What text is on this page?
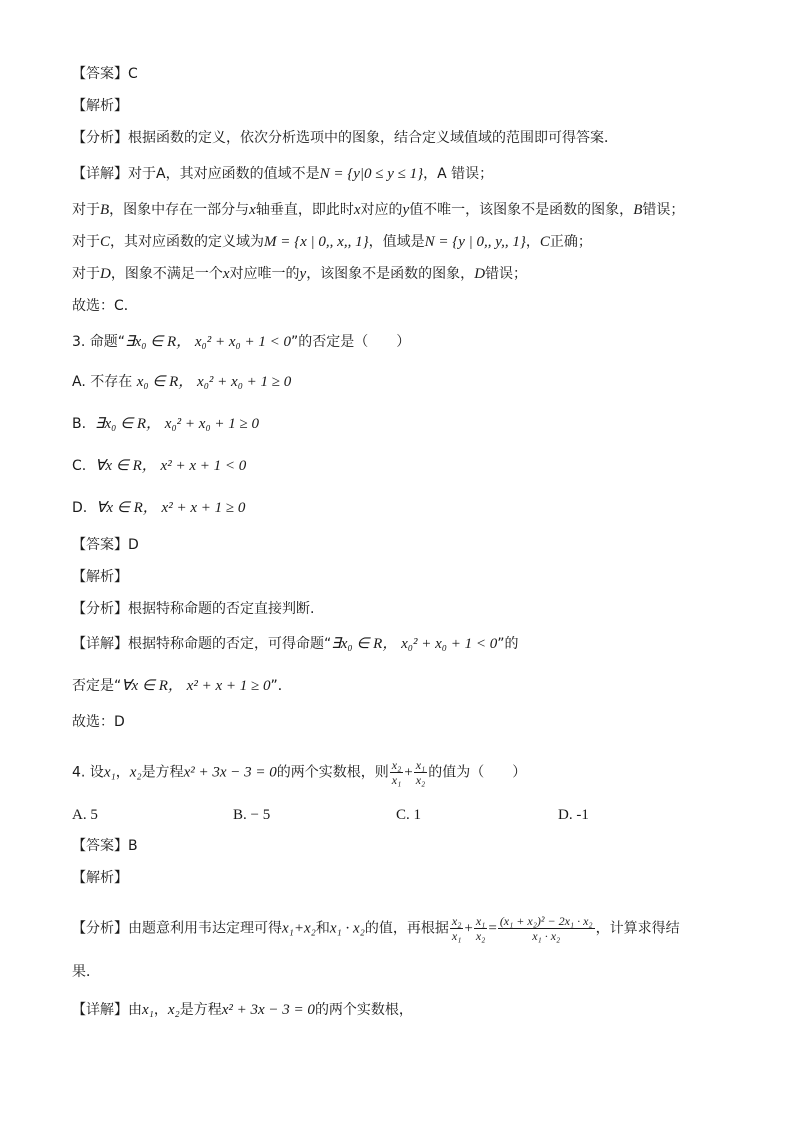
【答案】C
【解析】
【分析】根据函数的定义，依次分析选项中的图象，结合定义域值域的范围即可得答案．
【详解】对于A，其对应函数的值域不是N = {y|0 ≤ y ≤ 1}，A 错误；
对于B，图象中存在一部分与x轴垂直，即此时x对应的y值不唯一，该图象不是函数的图象，B错误；
对于C，其对应函数的定义域为M = {x | 0,, x,, 1}，值域是N = {y | 0,, y,, 1}，C正确；
对于D，图象不满足一个x对应唯一的y，该图象不是函数的图象，D错误；
故选：C．
3. 命题“∃x₀ ∈ R， x₀² + x₀ + 1 < 0”的否定是（　　）
A. 不存在 x₀ ∈ R， x₀² + x₀ + 1 ≥ 0
B. ∃x₀ ∈ R， x₀² + x₀ + 1 ≥ 0
C. ∀x ∈ R， x² + x + 1 < 0
D. ∀x ∈ R， x² + x + 1 ≥ 0
【答案】D
【解析】
【分析】根据特称命题的否定直接判断.
【详解】根据特称命题的否定，可得命题“∃x₀ ∈ R， x₀² + x₀ + 1 < 0”的
否定是“∀x ∈ R， x² + x + 1 ≥ 0”．
故选：D
4. 设x₁，x₂是方程x² + 3x − 3 = 0的两个实数根，则 $\frac{\text{x₂}}{\text{x₁}} + \frac{\text{x₁}}{\text{x₂}}$ 的值为（　　）
A. 5	B. − 5	C. 1	D. -1
【答案】B
【解析】
【分析】由题意利用韦达定理可得x₁+x₂和x₁ · x₂的值，再根据 $\frac{\text{x₂}}{\text{x₁}} + \frac{\text{x₁}}{\text{x₂}} = \frac{\text{(x₁ + x₂)² − 2x₁ · x₂}}{\text{x₁ · x₂}}$ ，计算求得结
果．
【详解】由x₁，x₂是方程x² + 3x − 3 = 0的两个实数根，
